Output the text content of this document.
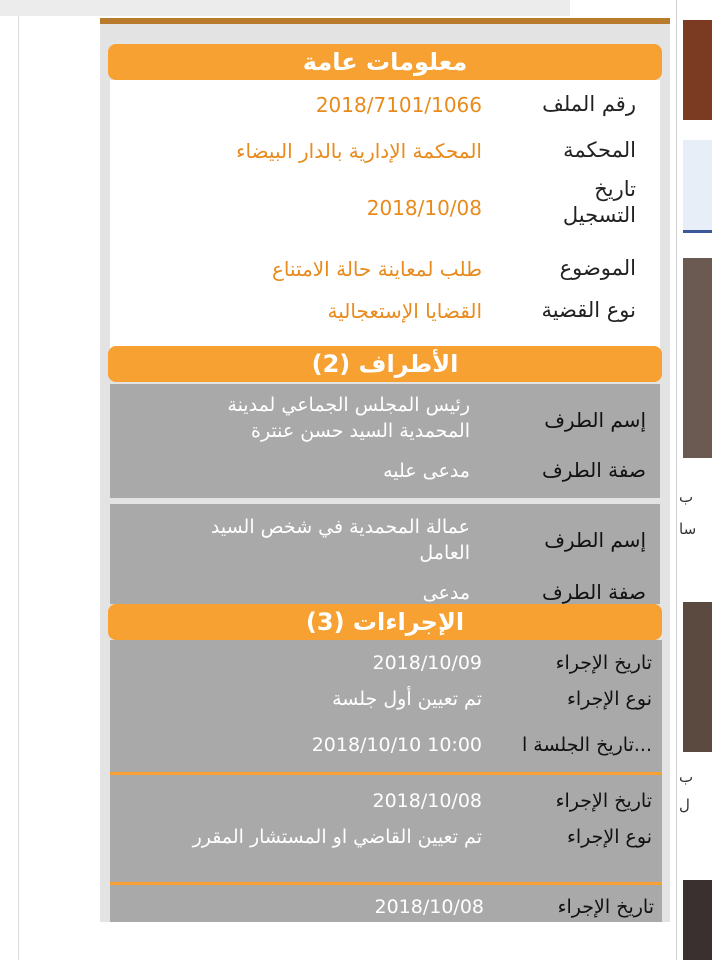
ب
سا
ب
ل
معلومات عامة
رقم الملف
2018/7101/1066
المحكمة
المحكمة الإدارية بالدار البيضاء
تاريخ التسجيل
2018/10/08
الموضوع
طلب لمعاينة حالة الامتناع
نوع القضية
القضايا الإستعجالية
الأطراف (2)
إسم الطرف
رئيس المجلس الجماعي لمدينة المحمدية السيد حسن عنترة
صفة الطرف
مدعى عليه
إسم الطرف
عمالة المحمدية في شخص السيد العامل
صفة الطرف
مدعى
الإجراءات (3)
تاريخ الإجراء
2018/10/09
نوع الإجراء
تم تعيين أول جلسة
تاريخ الجلسة ا...
2018/10/10 10:00
تاريخ الإجراء
2018/10/08
نوع الإجراء
تم تعيين القاضي او المستشار المقرر
تاريخ الإجراء
2018/10/08
